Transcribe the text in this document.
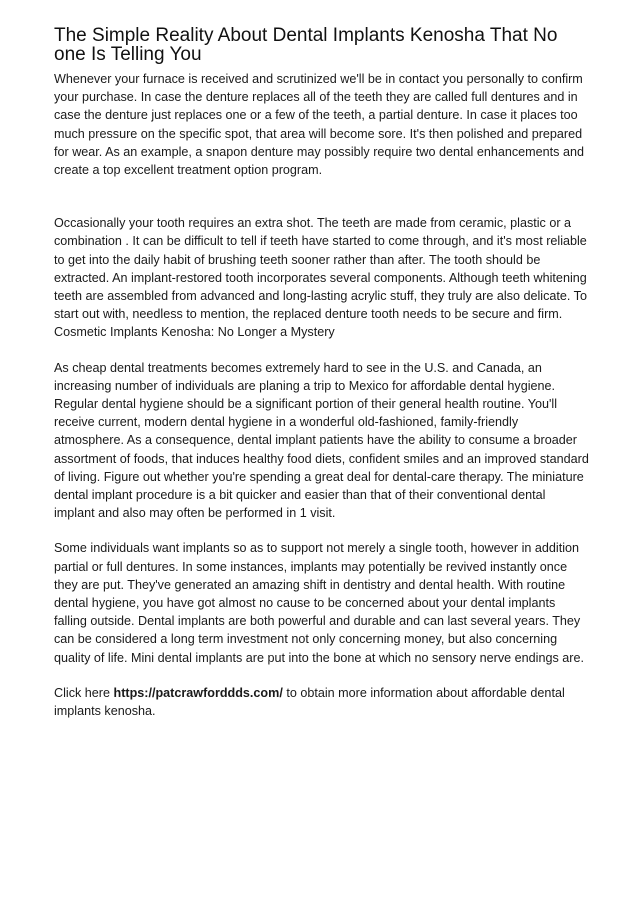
The Simple Reality About Dental Implants Kenosha That No one Is Telling You

Whenever your furnace is received and scrutinized we'll be in contact you personally to confirm your purchase. In case the denture replaces all of the teeth they are called full dentures and in case the denture just replaces one or a few of the teeth, a partial denture. In case it places too much pressure on the specific spot, that area will become sore. It's then polished and prepared for wear. As an example, a snapon denture may possibly require two dental enhancements and create a top excellent treatment option program.

Occasionally your tooth requires an extra shot. The teeth are made from ceramic, plastic or a combination . It can be difficult to tell if teeth have started to come through, and it's most reliable to get into the daily habit of brushing teeth sooner rather than after. The tooth should be extracted. An implant-restored tooth incorporates several components. Although teeth whitening teeth are assembled from advanced and long-lasting acrylic stuff, they truly are also delicate. To start out with, needless to mention, the replaced denture tooth needs to be secure and firm.

Cosmetic Implants Kenosha: No Longer a Mystery

As cheap dental treatments becomes extremely hard to see in the U.S. and Canada, an increasing number of individuals are planing a trip to Mexico for affordable dental hygiene. Regular dental hygiene should be a significant portion of their general health routine. You'll receive current, modern dental hygiene in a wonderful old-fashioned, family-friendly atmosphere. As a consequence, dental implant patients have the ability to consume a broader assortment of foods, that induces healthy food diets, confident smiles and an improved standard of living. Figure out whether you're spending a great deal for dental-care therapy. The miniature dental implant procedure is a bit quicker and easier than that of their conventional dental implant and also may often be performed in 1 visit.

Some individuals want implants so as to support not merely a single tooth, however in addition partial or full dentures. In some instances, implants may potentially be revived instantly once they are put. They've generated an amazing shift in dentistry and dental health. With routine dental hygiene, you have got almost no cause to be concerned about your dental implants falling outside. Dental implants are both powerful and durable and can last several years. They can be considered a long term investment not only concerning money, but also concerning quality of life. Mini dental implants are put into the bone at which no sensory nerve endings are.

Click here https://patcrawforddds.com/ to obtain more information about affordable dental implants kenosha.
